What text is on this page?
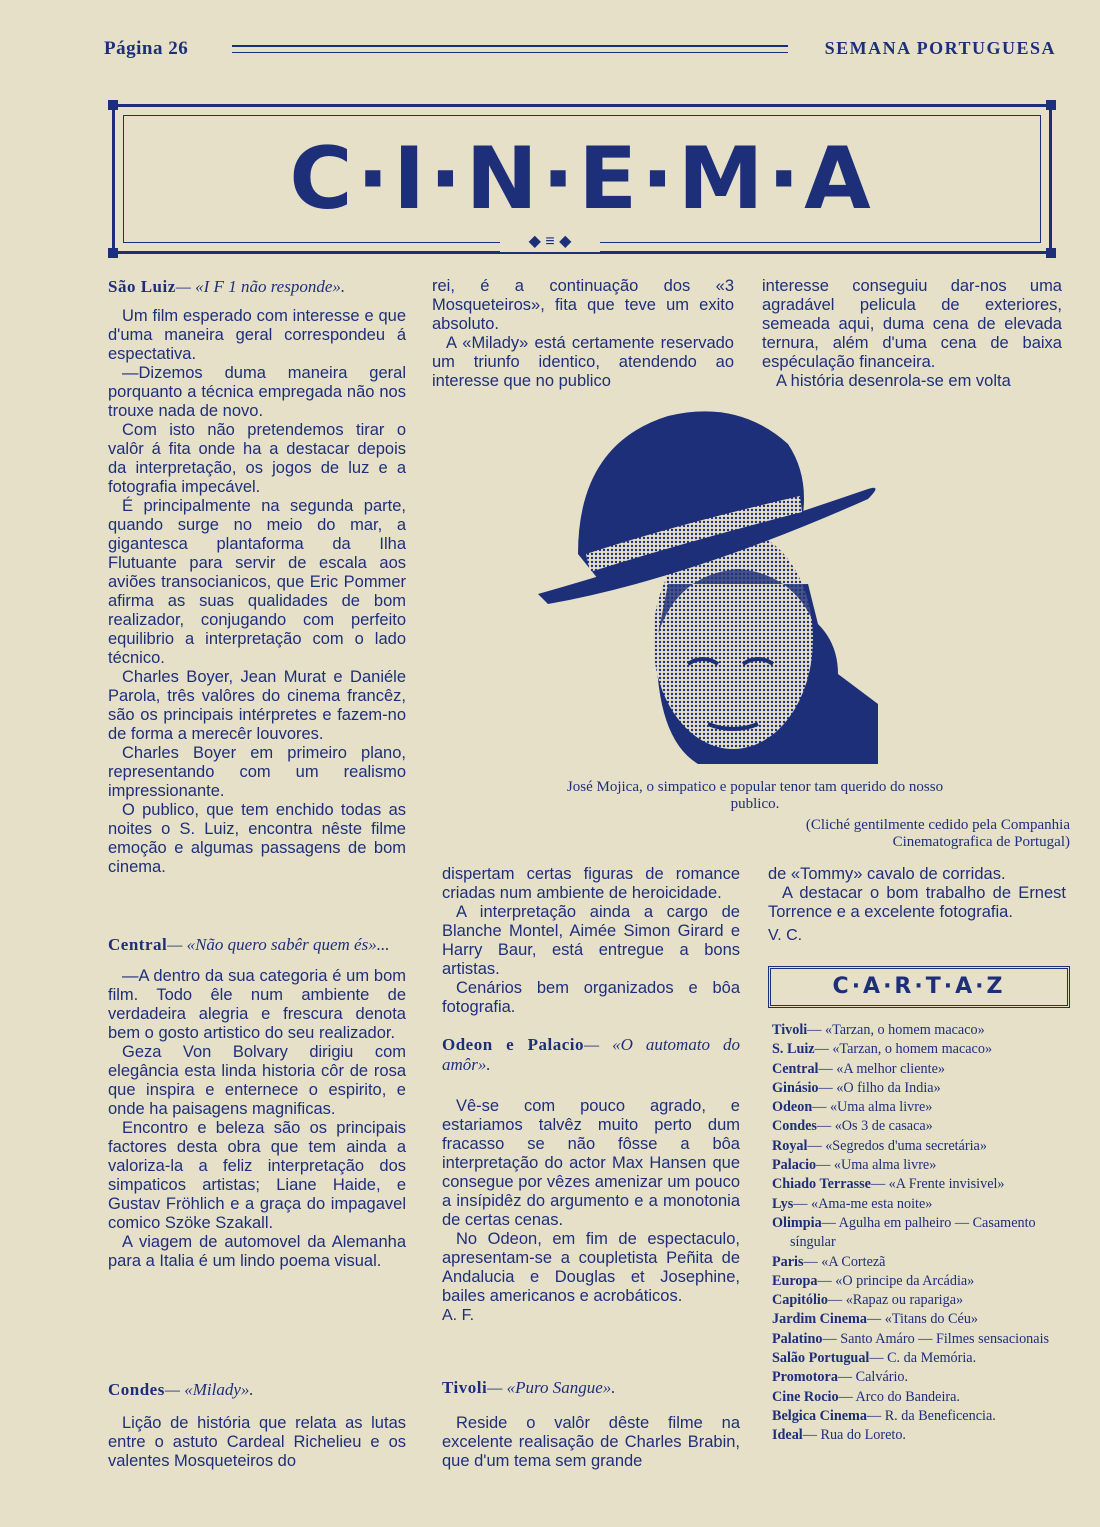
Página 26	SEMANA PORTUGUESA
C·I·N·E·M·A
◆ ≡ ◆

São Luiz— «I F 1 não responde».

Um film esperado com interesse e que d'uma maneira geral correspondeu á espectativa.

—Dizemos duma maneira geral porquanto a técnica empregada não nos trouxe nada de novo.

Com isto não pretendemos tirar o valôr á fita onde ha a destacar depois da interpretação, os jogos de luz e a fotografia impecável.

É principalmente na segunda parte, quando surge no meio do mar, a gigantesca plantaforma da Ilha Flutuante para servir de escala aos aviões transocianicos, que Eric Pommer afirma as suas qualidades de bom realizador, conjugando com perfeito equilibrio a interpretação com o lado técnico.

Charles Boyer, Jean Murat e Daniéle Parola, três valôres do cinema francêz, são os principais intérpretes e fazem-no de forma a merecêr louvores.

Charles Boyer em primeiro plano, representando com um realismo impressionante.

O publico, que tem enchido todas as noites o S. Luiz, encontra nêste filme emoção e algumas passagens de bom cinema.

Central— «Não quero sabêr quem és»...

—A dentro da sua categoria é um bom film. Todo êle num ambiente de verdadeira alegria e frescura denota bem o gosto artistico do seu realizador.

Geza Von Bolvary dirigiu com elegância esta linda historia côr de rosa que inspira e enternece o espirito, e onde ha paisagens magnificas.

Encontro e beleza são os principais factores desta obra que tem ainda a valoriza-la a feliz interpretação dos simpaticos artistas; Liane Haide, e Gustav Fröhlich e a graça do impagavel comico Szöke Szakall.

A viagem de automovel da Alemanha para a Italia é um lindo poema visual.

Condes— «Milady».

Lição de história que relata as lutas entre o astuto Cardeal Richelieu e os valentes Mosqueteiros do

rei, é a continuação dos «3 Mosqueteiros», fita que teve um exito absoluto.

A «Milady» está certamente reservado um triunfo identico, atendendo ao interesse que no publico

interesse conseguiu dar-nos uma agradável pelicula de exteriores, semeada aqui, duma cena de elevada ternura, além d'uma cena de baixa espéculação financeira.

A história desenrola-se em volta

José Mojica, o simpatico e popular tenor tam querido do nosso publico.
(Cliché gentilmente cedido pela Companhia Cinematografica de Portugal)

dispertam certas figuras de romance criadas num ambiente de heroicidade.

A interpretação ainda a cargo de Blanche Montel, Aimée Simon Girard e Harry Baur, está entregue a bons artistas.

Cenários bem organizados e bôa fotografia.

Odeon e Palacio— «O automato do amôr».

Vê-se com pouco agrado, e estariamos talvêz muito perto dum fracasso se não fôsse a bôa interpretação do actor Max Hansen que consegue por vêzes amenizar um pouco a insípidêz do argumento e a monotonia de certas cenas.

No Odeon, em fim de espectaculo, apresentam-se a coupletista Peñita de Andalucia e Douglas et Josephine, bailes americanos e acrobáticos.

A. F.

Tivoli— «Puro Sangue».

Reside o valôr dêste filme na excelente realisação de Charles Brabin, que d'um tema sem grande

de «Tommy» cavalo de corridas.

A destacar o bom trabalho de Ernest Torrence e a excelente fotografia.

V. C.

C·A·R·T·A·Z
Tivoli— «Tarzan, o homem macaco»
S. Luiz— «Tarzan, o homem macaco»
Central— «A melhor cliente»
Ginásio— «O filho da India»
Odeon— «Uma alma livre»
Condes— «Os 3 de casaca»
Royal— «Segredos d'uma secretária»
Palacio— «Uma alma livre»
Chiado Terrasse— «A Frente invisivel»
Lys— «Ama-me esta noite»
Olimpia— Agulha em palheiro — Casamento síngular
Paris— «A Cortezã
Europa— «O principe da Arcádia»
Capitólio— «Rapaz ou rapariga»
Jardim Cinema— «Titans do Céu»
Palatino— Santo Amáro — Filmes sensacionais
Salão Portugual— C. da Memória.
Promotora— Calvário.
Cine Rocio— Arco do Bandeira.
Belgica Cinema— R. da Beneficencia.
Ideal— Rua do Loreto.
